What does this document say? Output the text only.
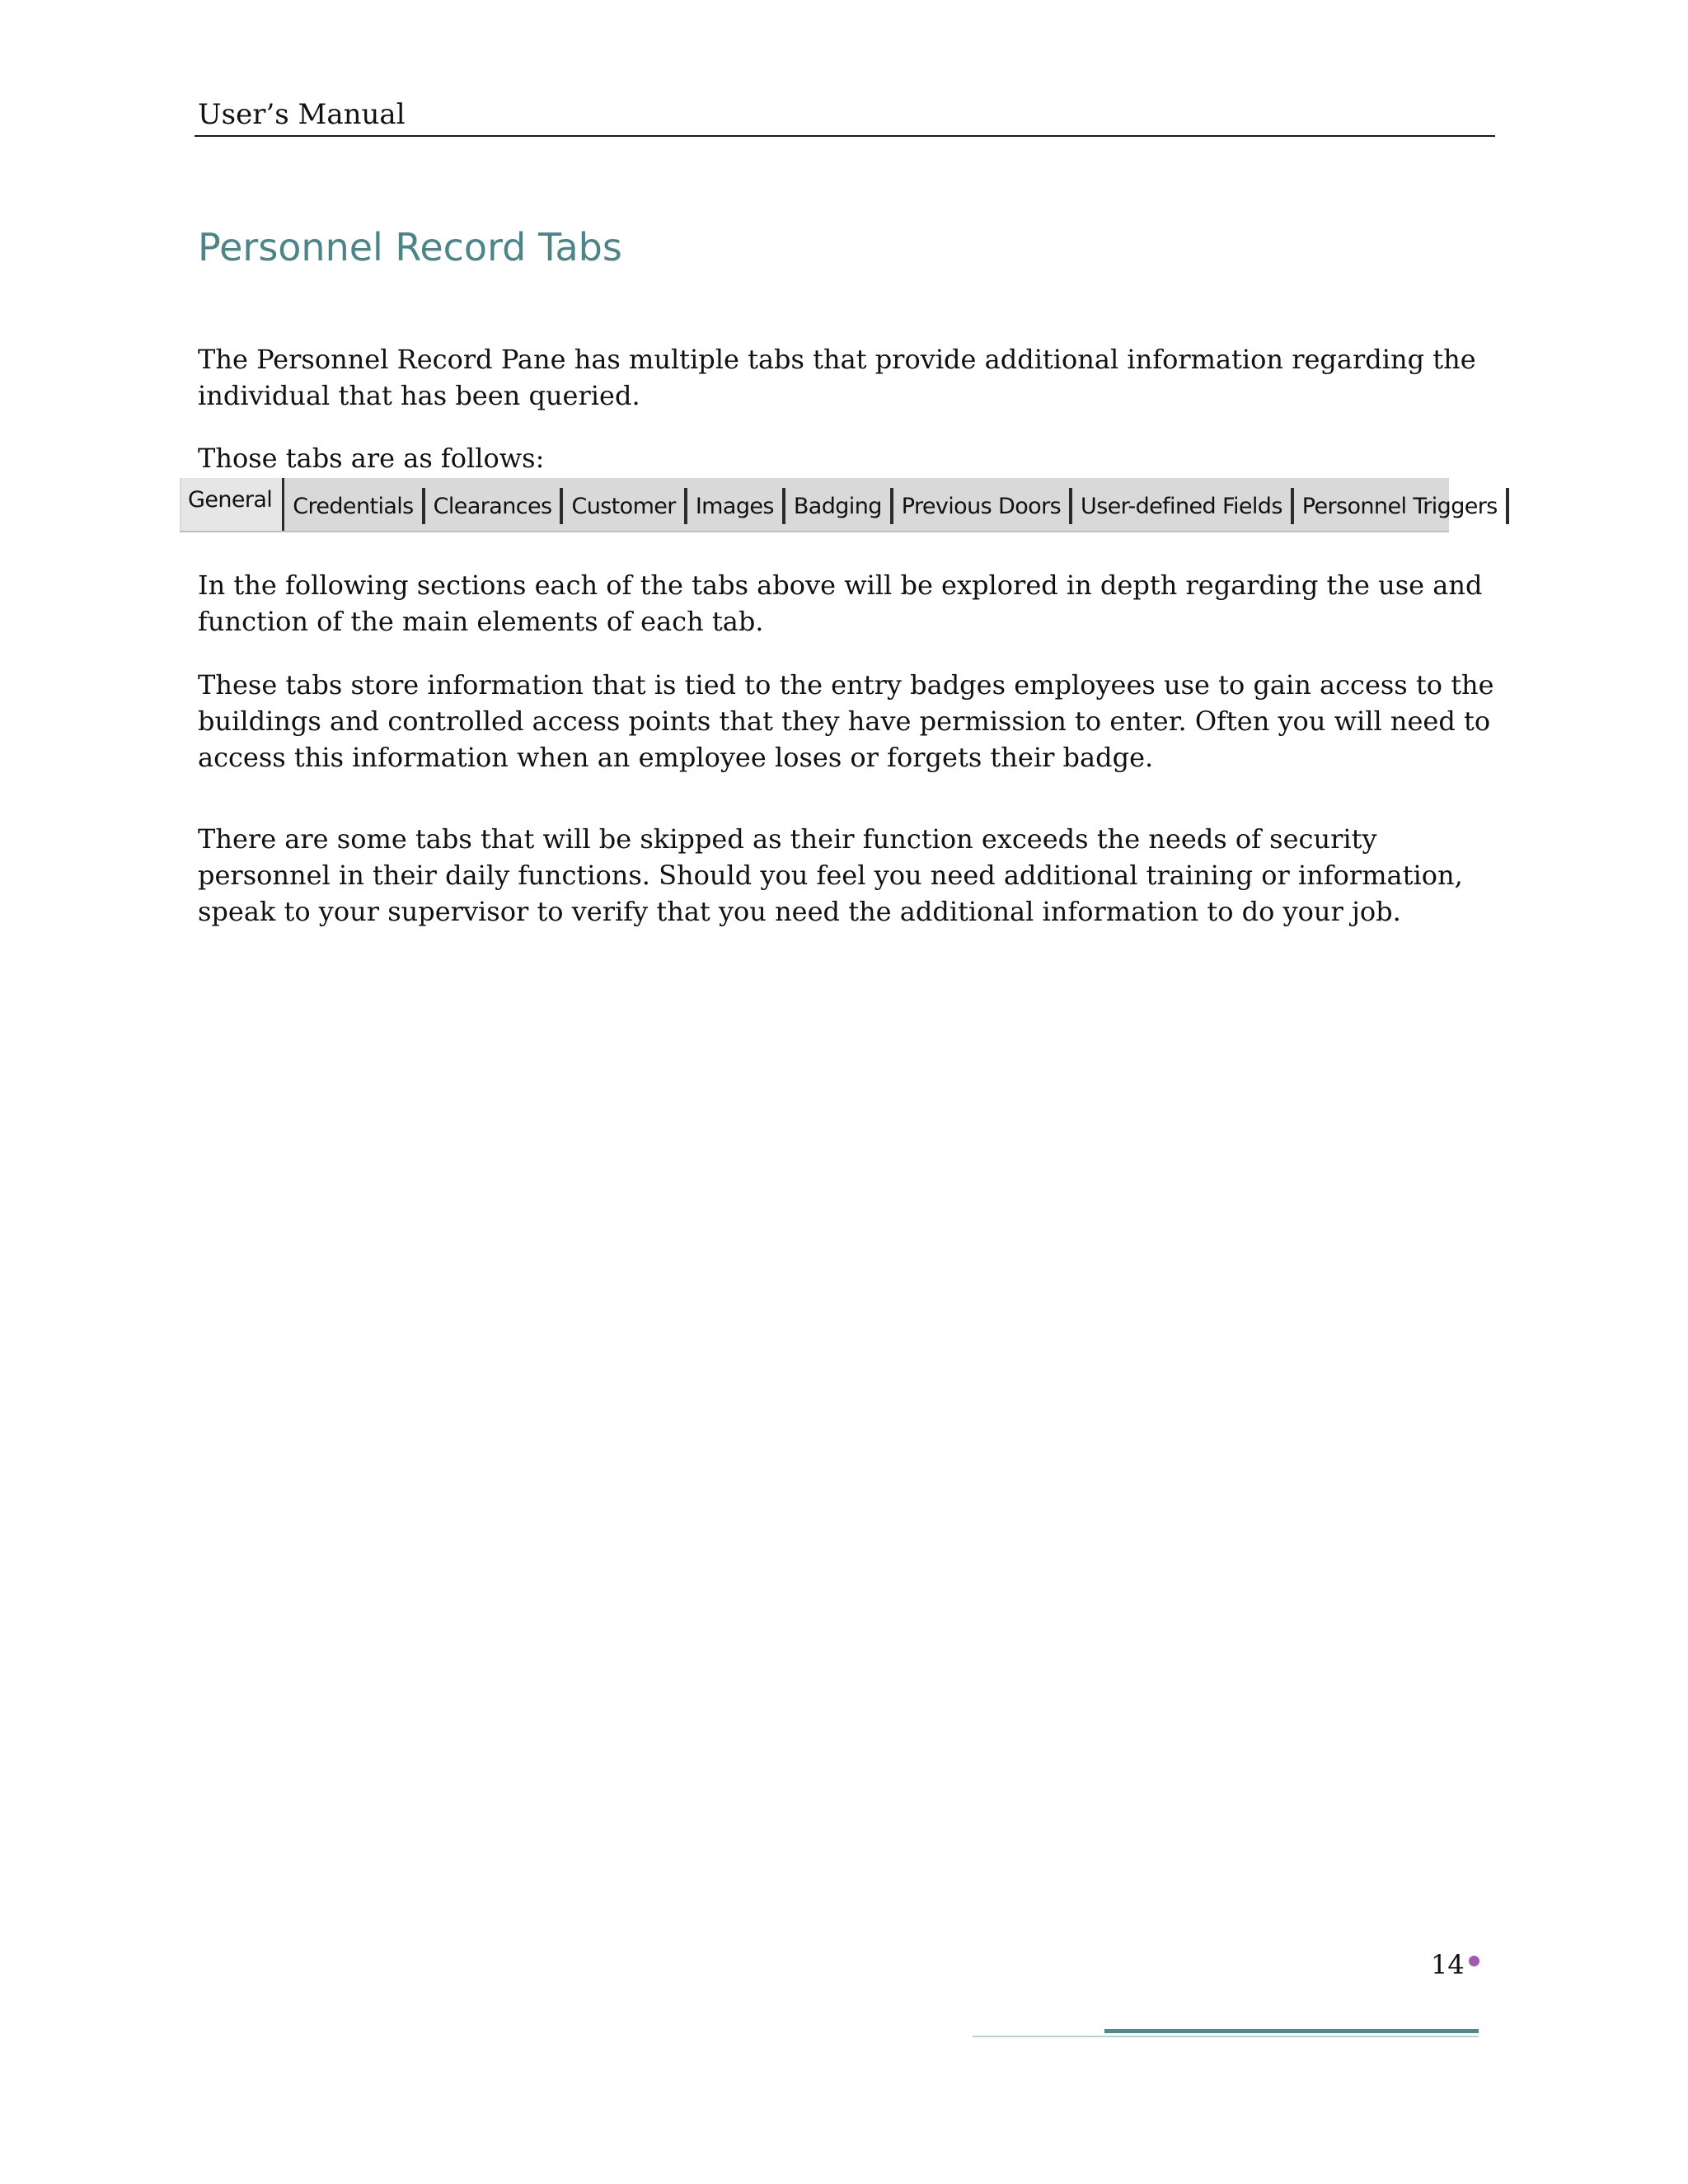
User’s Manual
Personnel Record Tabs

The Personnel Record Pane has multiple tabs that provide additional information regarding the individual that has been queried.

Those tabs are as follows:

General Credentials Clearances Customer Images Badging Previous Doors User-defined Fields Personnel Triggers

In the following sections each of the tabs above will be explored in depth regarding the use and function of the main elements of each tab.

These tabs store information that is tied to the entry badges employees use to gain access to the buildings and controlled access points that they have permission to enter. Often you will need to access this information when an employee loses or forgets their badge.

There are some tabs that will be skipped as their function exceeds the needs of security personnel in their daily functions. Should you feel you need additional training or information, speak to your supervisor to verify that you need the additional information to do your job.

14
